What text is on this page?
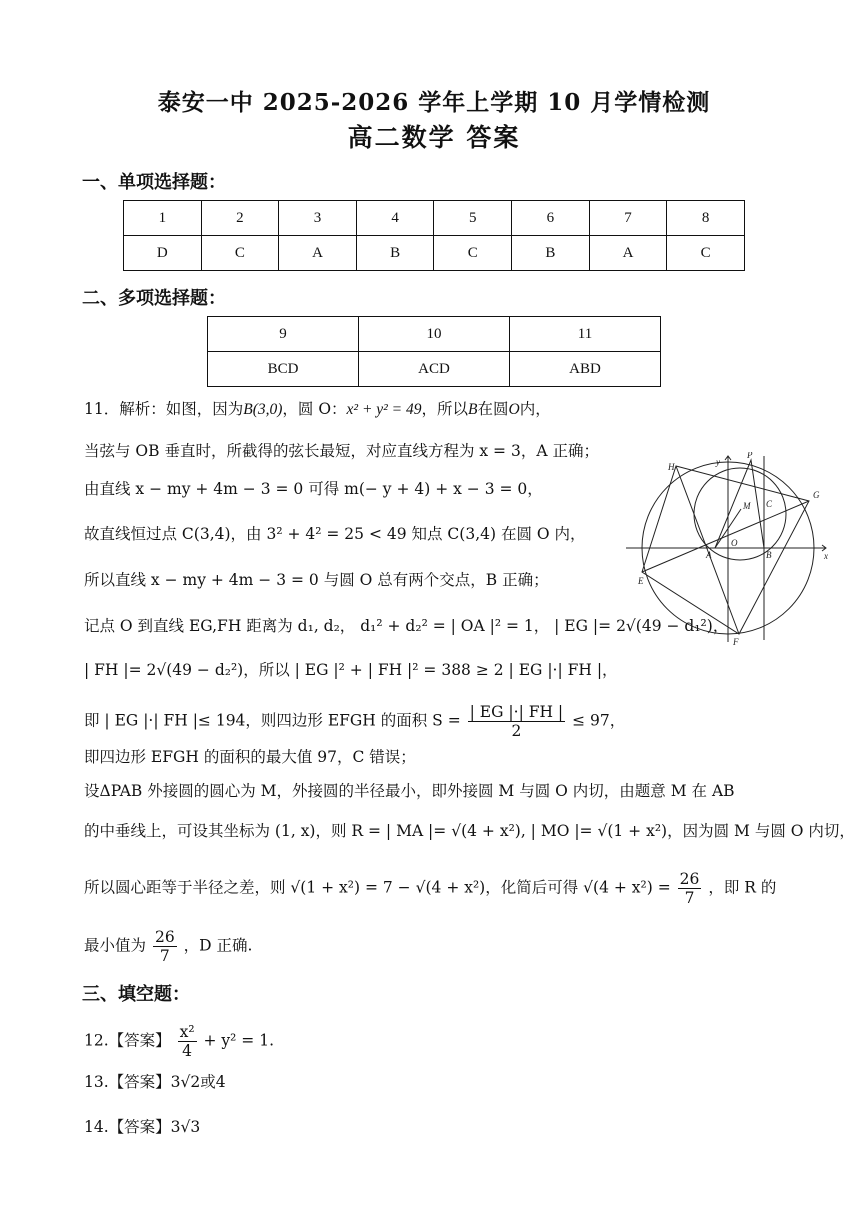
泰安一中 2025-2026 学年上学期 10 月学情检测
高二数学 答案
一、单项选择题：
1	2	3	4	5	6	7	8
D	C	A	B	C	B	A	C
二、多项选择题：
9	10	11
BCD	ACD	ABD
11．解析：如图，因为B(3,0)，圆 O：x² + y² = 49，所以B在圆O内，
当弦与 OB 垂直时，所截得的弦长最短，对应直线方程为 x = 3，A 正确；
由直线 x − my + 4m − 3 = 0 可得 m(− y + 4) + x − 3 = 0，
故直线恒过点 C(3,4)，由 3² + 4² = 25 < 49 知点 C(3,4) 在圆 O 内，
所以直线 x − my + 4m − 3 = 0 与圆 O 总有两个交点，B 正确；
记点 O 到直线 EG,FH 距离为 d₁, d₂， d₁² + d₂² = | OA |² = 1， | EG |= 2√(49 − d₁²)，
| FH |= 2√(49 − d₂²)，所以 | EG |² + | FH |² = 388 ≥ 2 | EG |·| FH |，
即 | EG |·| FH |≤ 194，则四边形 EFGH 的面积 $S = \frac{| EG |\cdot| FH |}{2} \le 97$，
即四边形 EFGH 的面积的最大值 97，C 错误；
设ΔPAB 外接圆的圆心为 M，外接圆的半径最小，即外接圆 M 与圆 O 内切，由题意 M 在 AB
的中垂线上，可设其坐标为 (1, x)，则 R = | MA |= √(4 + x²), | MO |= √(1 + x²)，因为圆 M 与圆 O 内切，
所以圆心距等于半径之差，则 √(1 + x²) = 7 − √(4 + x²)，化简后可得 $√(4 + x^2) = \frac{26}{7}$ ，即 R 的
最小值为 $\frac{26}{7}$ ，D 正确.
三、填空题：
12.【答案】 $\frac{\text{x²}}{4} + y^2 = 1$.
13.【答案】3√2或4
14.【答案】3√3
x
y
O
A	B
C
M
P
E
F
G
H
